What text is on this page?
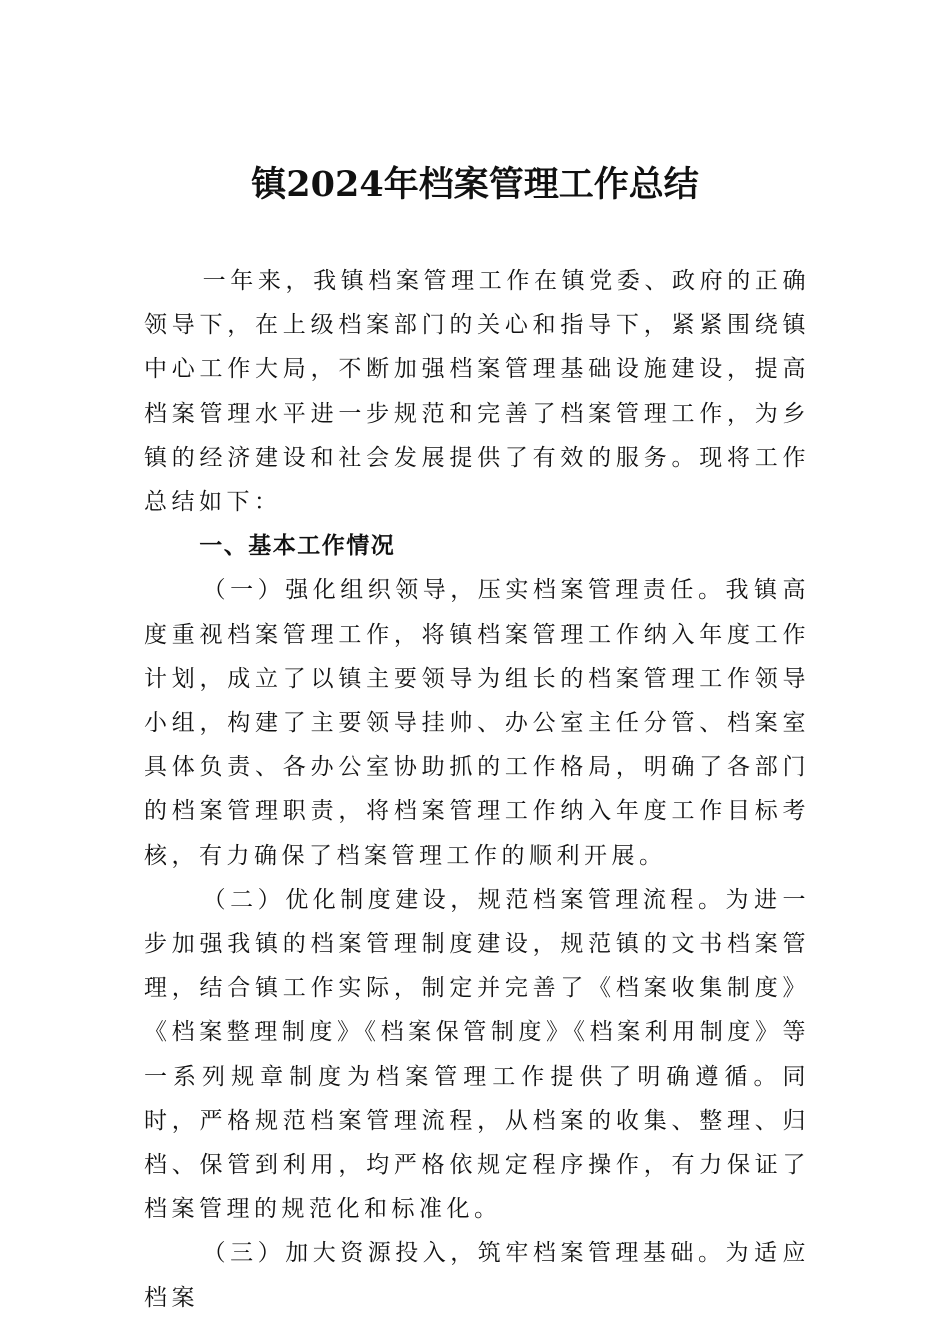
镇2024年档案管理工作总结

一年来，我镇档案管理工作在镇党委、政府的正确领导下，在上级档案部门的关心和指导下，紧紧围绕镇中心工作大局，不断加强档案管理基础设施建设，提高档案管理水平进一步规范和完善了档案管理工作，为乡镇的经济建设和社会发展提供了有效的服务。现将工作总结如下：

一、基本工作情况

（一）强化组织领导，压实档案管理责任。我镇高度重视档案管理工作，将镇档案管理工作纳入年度工作计划，成立了以镇主要领导为组长的档案管理工作领导小组，构建了主要领导挂帅、办公室主任分管、档案室具体负责、各办公室协助抓的工作格局，明确了各部门的档案管理职责，将档案管理工作纳入年度工作目标考核，有力确保了档案管理工作的顺利开展。

（二）优化制度建设，规范档案管理流程。为进一步加强我镇的档案管理制度建设，规范镇的文书档案管理，结合镇工作实际，制定并完善了《档案收集制度》《档案整理制度》《档案保管制度》《档案利用制度》等一系列规章制度为档案管理工作提供了明确遵循。同时，严格规范档案管理流程，从档案的收集、整理、归档、保管到利用，均严格依规定程序操作，有力保证了档案管理的规范化和标准化。

（三）加大资源投入，筑牢档案管理基础。为适应档案
